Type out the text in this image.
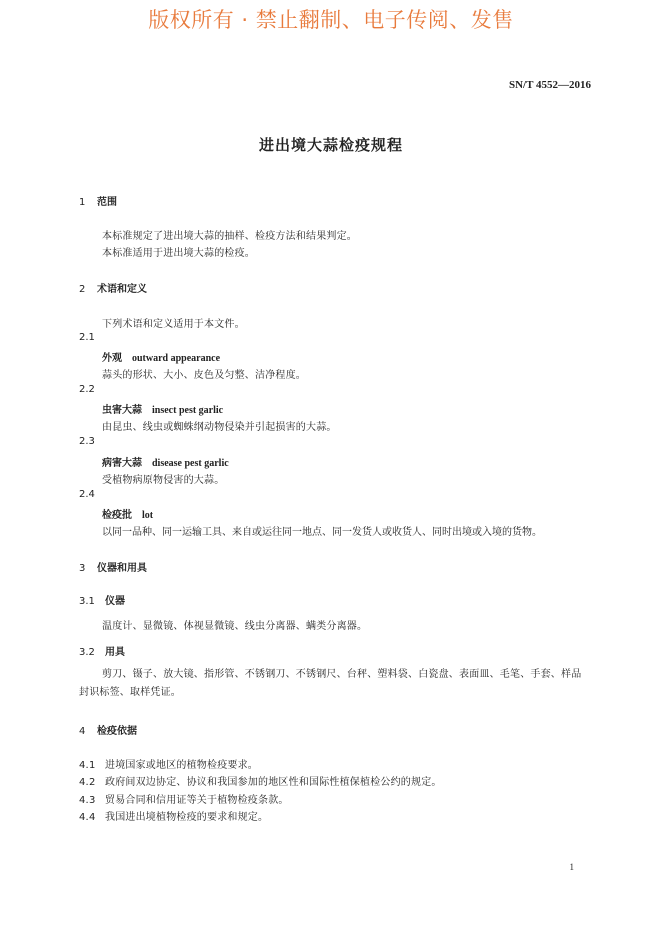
版权所有 · 禁止翻制、电子传阅、发售
SN/T 4552—2016
进出境大蒜检疫规程
1 范围
本标准规定了进出境大蒜的抽样、检疫方法和结果判定。
本标准适用于进出境大蒜的检疫。
2 术语和定义
下列术语和定义适用于本文件。
2.1
外观 outward appearance
蒜头的形状、大小、皮色及匀整、洁净程度。
2.2
虫害大蒜 insect pest garlic
由昆虫、线虫或蜘蛛纲动物侵染并引起损害的大蒜。
2.3
病害大蒜 disease pest garlic
受植物病原物侵害的大蒜。
2.4
检疫批 lot
以同一品种、同一运输工具、来自或运往同一地点、同一发货人或收货人、同时出境或入境的货物。
3 仪器和用具
3.1 仪器
温度计、显微镜、体视显微镜、线虫分离器、螨类分离器。
3.2 用具
剪刀、镊子、放大镜、指形管、不锈钢刀、不锈钢尺、台秤、塑料袋、白瓷盘、表面皿、毛笔、手套、样品封识标签、取样凭证。
4 检疫依据
4.1 进境国家或地区的植物检疫要求。
4.2 政府间双边协定、协议和我国参加的地区性和国际性植保植检公约的规定。
4.3 贸易合同和信用证等关于植物检疫条款。
4.4 我国进出境植物检疫的要求和规定。
1
